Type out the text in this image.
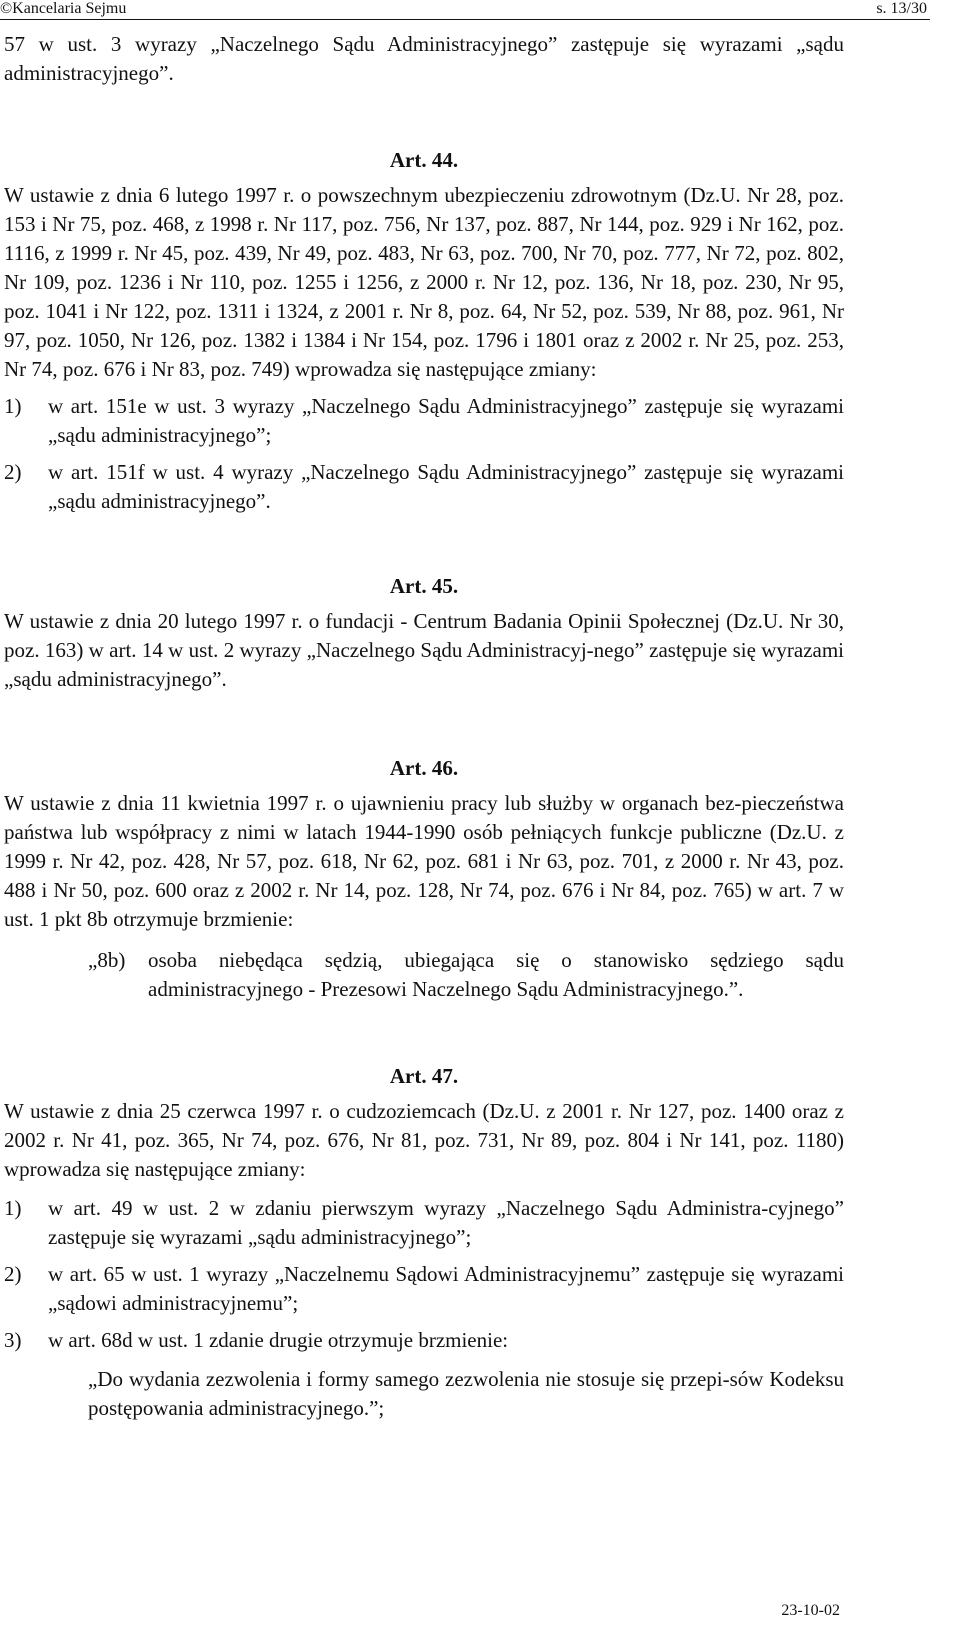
©Kancelaria Sejmu	s. 13/30

57 w ust. 3 wyrazy „Naczelnego Sądu Administracyjnego” zastępuje się wyrazami „sądu administracyjnego”.

Art. 44.

W ustawie z dnia 6 lutego 1997 r. o powszechnym ubezpieczeniu zdrowotnym (Dz.U. Nr 28, poz. 153 i Nr 75, poz. 468, z 1998 r. Nr 117, poz. 756, Nr 137, poz. 887, Nr 144, poz. 929 i Nr 162, poz. 1116, z 1999 r. Nr 45, poz. 439, Nr 49, poz. 483, Nr 63, poz. 700, Nr 70, poz. 777, Nr 72, poz. 802, Nr 109, poz. 1236 i Nr 110, poz. 1255 i 1256, z 2000 r. Nr 12, poz. 136, Nr 18, poz. 230, Nr 95, poz. 1041 i Nr 122, poz. 1311 i 1324, z 2001 r. Nr 8, poz. 64, Nr 52, poz. 539, Nr 88, poz. 961, Nr 97, poz. 1050, Nr 126, poz. 1382 i 1384 i Nr 154, poz. 1796 i 1801 oraz z 2002 r. Nr 25, poz. 253, Nr 74, poz. 676 i Nr 83, poz. 749) wprowadza się następujące zmiany:

1)	w art. 151e w ust. 3 wyrazy „Naczelnego Sądu Administracyjnego” zastępuje się wyrazami „sądu administracyjnego”;
2)	w art. 151f w ust. 4 wyrazy „Naczelnego Sądu Administracyjnego” zastępuje się wyrazami „sądu administracyjnego”.

Art. 45.

W ustawie z dnia 20 lutego 1997 r. o fundacji - Centrum Badania Opinii Społecznej (Dz.U. Nr 30, poz. 163) w art. 14 w ust. 2 wyrazy „Naczelnego Sądu Administracyj-nego” zastępuje się wyrazami „sądu administracyjnego”.

Art. 46.

W ustawie z dnia 11 kwietnia 1997 r. o ujawnieniu pracy lub służby w organach bez-pieczeństwa państwa lub współpracy z nimi w latach 1944-1990 osób pełniących funkcje publiczne (Dz.U. z 1999 r. Nr 42, poz. 428, Nr 57, poz. 618, Nr 62, poz. 681 i Nr 63, poz. 701, z 2000 r. Nr 43, poz. 488 i Nr 50, poz. 600 oraz z 2002 r. Nr 14, poz. 128, Nr 74, poz. 676 i Nr 84, poz. 765) w art. 7 w ust. 1 pkt 8b otrzymuje brzmienie:

„8b)	osoba niebędąca sędzią, ubiegająca się o stanowisko sędziego sądu administracyjnego - Prezesowi Naczelnego Sądu Administracyjnego.”.

Art. 47.

W ustawie z dnia 25 czerwca 1997 r. o cudzoziemcach (Dz.U. z 2001 r. Nr 127, poz. 1400 oraz z 2002 r. Nr 41, poz. 365, Nr 74, poz. 676, Nr 81, poz. 731, Nr 89, poz. 804 i Nr 141, poz. 1180) wprowadza się następujące zmiany:

1)	w art. 49 w ust. 2 w zdaniu pierwszym wyrazy „Naczelnego Sądu Administra-cyjnego” zastępuje się wyrazami „sądu administracyjnego”;
2)	w art. 65 w ust. 1 wyrazy „Naczelnemu Sądowi Administracyjnemu” zastępuje się wyrazami „sądowi administracyjnemu”;
3)	w art. 68d w ust. 1 zdanie drugie otrzymuje brzmienie:

„Do wydania zezwolenia i formy samego zezwolenia nie stosuje się przepi-sów Kodeksu postępowania administracyjnego.”;

23-10-02
